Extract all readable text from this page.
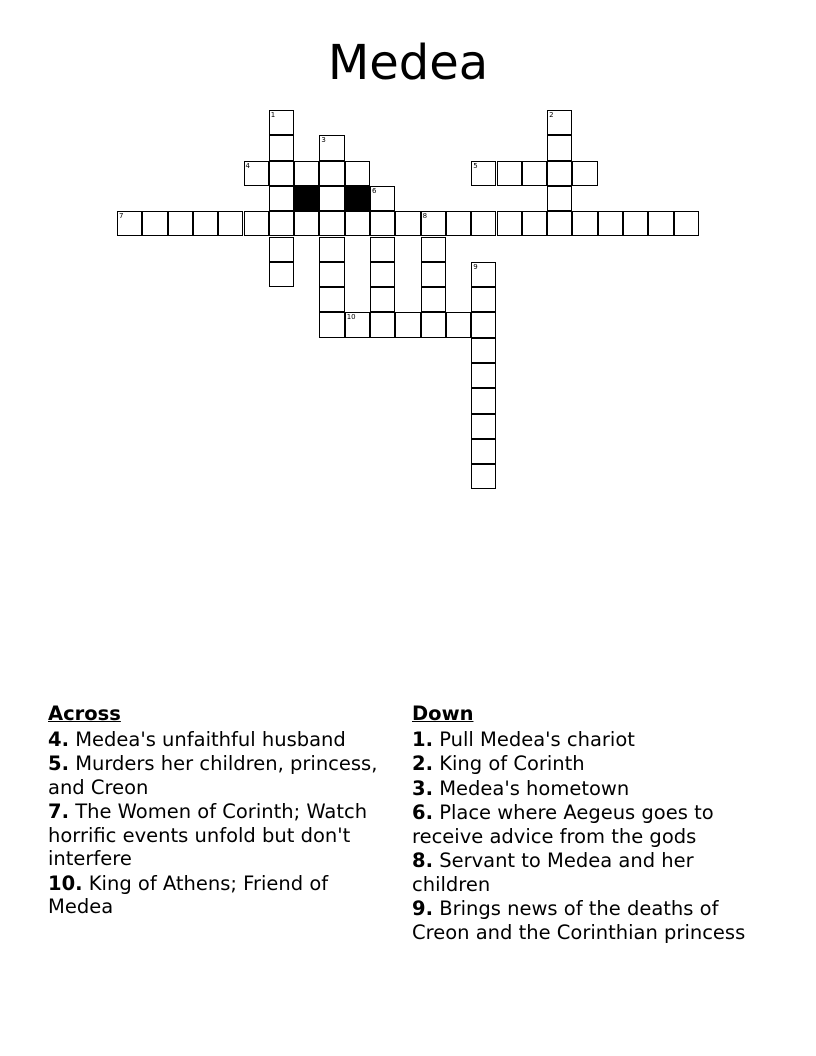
Medea
1	2
3
4	5
6
7	8
9
10
Across
4. Medea's unfaithful husband
5. Murders her children, princess, and Creon
7. The Women of Corinth; Watch horrific events unfold but don't interfere
10. King of Athens; Friend of Medea
Down
1. Pull Medea's chariot
2. King of Corinth
3. Medea's hometown
6. Place where Aegeus goes to receive advice from the gods
8. Servant to Medea and her children
9. Brings news of the deaths of Creon and the Corinthian princess
